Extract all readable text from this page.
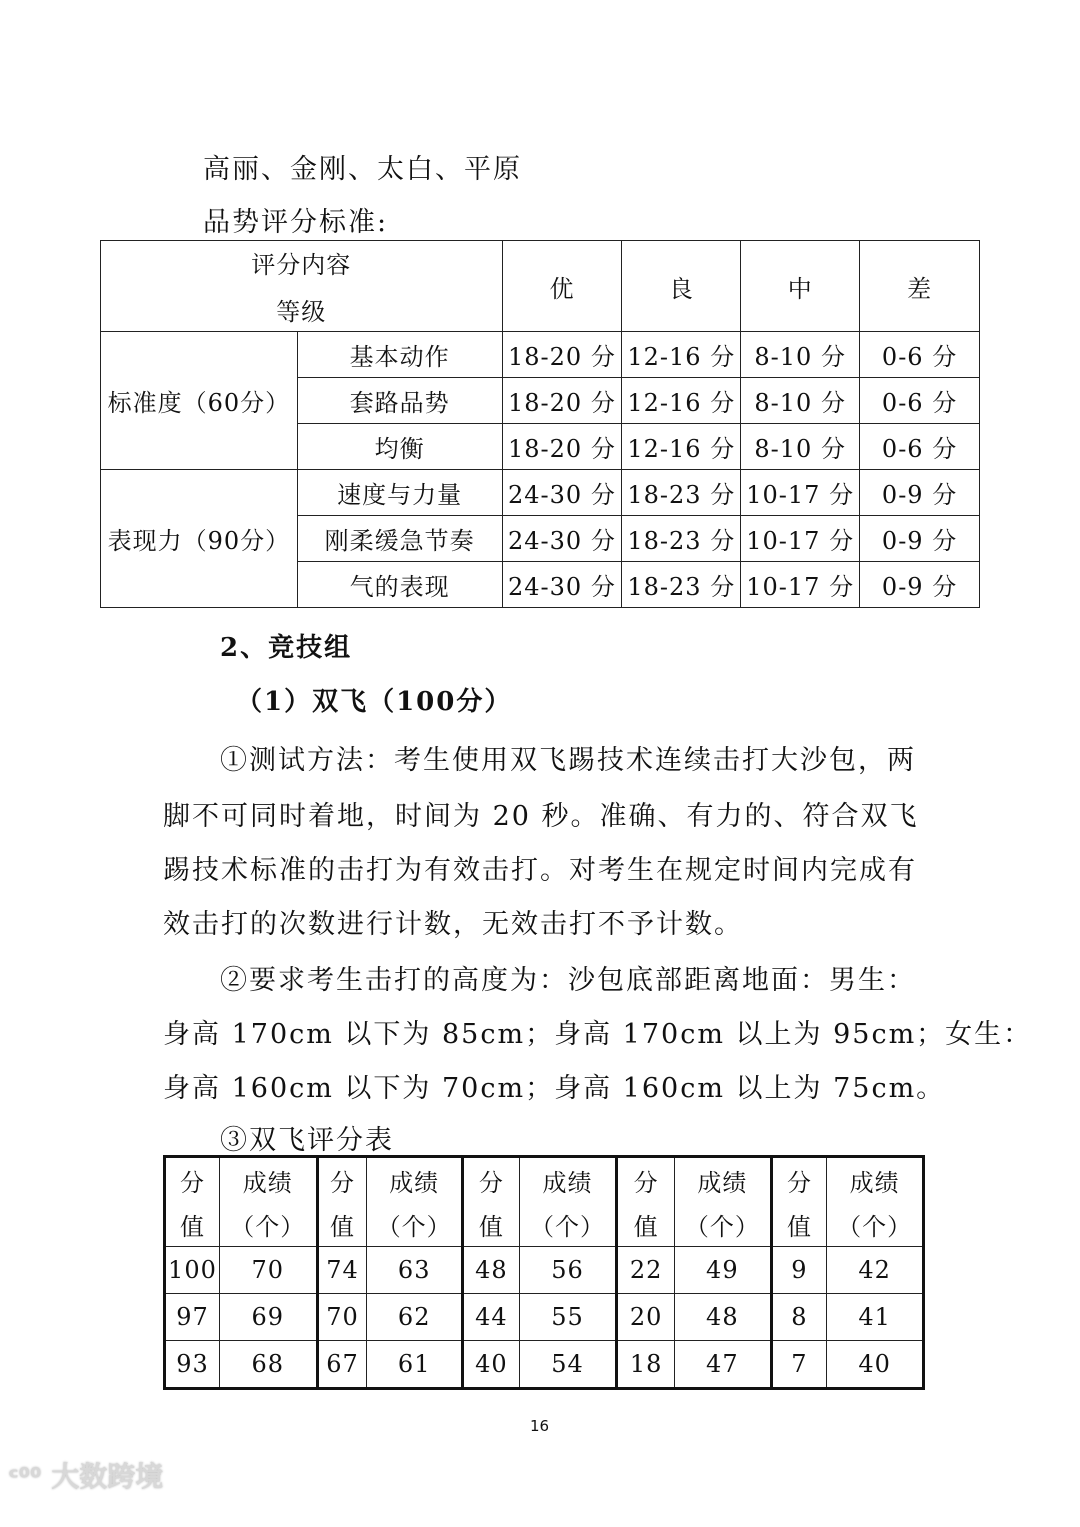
高丽、金刚、太白、平原
品势评分标准:
评分内容
等级		优	良	中	差
标准度（60分）	基本动作	18-20 分	12-16 分	8-10 分	0-6 分
	套路品势	18-20 分	12-16 分	8-10 分	0-6 分
	均衡	18-20 分	12-16 分	8-10 分	0-6 分
表现力（90分）	速度与力量	24-30 分	18-23 分	10-17 分	0-9 分
	刚柔缓急节奏	24-30 分	18-23 分	10-17 分	0-9 分
	气的表现	24-30 分	18-23 分	10-17 分	0-9 分
2、竞技组
（1）双飞（100分）
①测试方法：考生使用双飞踢技术连续击打大沙包，两
脚不可同时着地，时间为 20 秒。准确、有力的、符合双飞
踢技术标准的击打为有效击打。对考生在规定时间内完成有
效击打的次数进行计数，无效击打不予计数。
②要求考生击打的高度为：沙包底部距离地面：男生：
身高 170cm 以下为 85cm；身高 170cm 以上为 95cm；女生：
身高 160cm 以下为 70cm；身高 160cm 以上为 75cm。
③双飞评分表
分	成绩	分	成绩	分	成绩	分	成绩	分	成绩
值	（个）	值	（个）	值	（个）	值	（个）	值	（个）
100	70	74	63	48	56	22	49	9	42
97	69	70	62	44	55	20	48	8	41
93	68	67	61	40	54	18	47	7	40
16
ᶜ⁰⁰ 大数跨境
